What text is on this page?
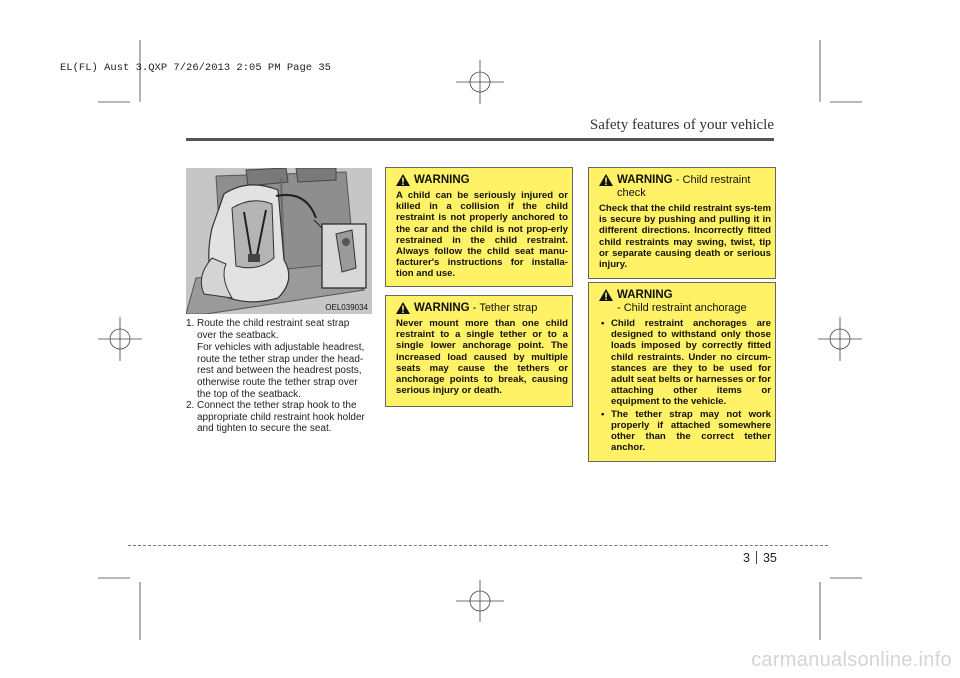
EL(FL) Aust 3.QXP 7/26/2013 2:05 PM Page 35
Safety features of your vehicle
OEL039034
1. Route the child restraint seat strap
over the seatback.
For vehicles with adjustable headrest, route the tether strap under the head-rest and between the headrest posts, otherwise route the tether strap over the top of the seatback.
2. Connect the tether strap hook to the
appropriate child restraint hook holder and tighten to secure the seat.
WARNING
A child can be seriously injured or killed in a collision if the child restraint is not properly anchored to the car and the child is not prop-erly restrained in the child restraint. Always follow the child seat manu-facturer's instructions for installa-tion and use.
WARNING - Tether strap
Never mount more than one child restraint to a single tether or to a single lower anchorage point. The increased load caused by multiple seats may cause the tethers or anchorage points to break, causing serious injury or death.
WARNING - Child restraint check
Check that the child restraint sys-tem is secure by pushing and pulling it in different directions. Incorrectly fitted child restraints may swing, twist, tip or separate causing death or serious injury.
WARNING
- Child restraint anchorage
• Child restraint anchorages are designed to withstand only those loads imposed by correctly fitted child restraints. Under no circum-stances are they to be used for adult seat belts or harnesses or for attaching other items or equipment to the vehicle.
• The tether strap may not work properly if attached somewhere other than the correct tether anchor.
3 35
carmanualsonline.info
